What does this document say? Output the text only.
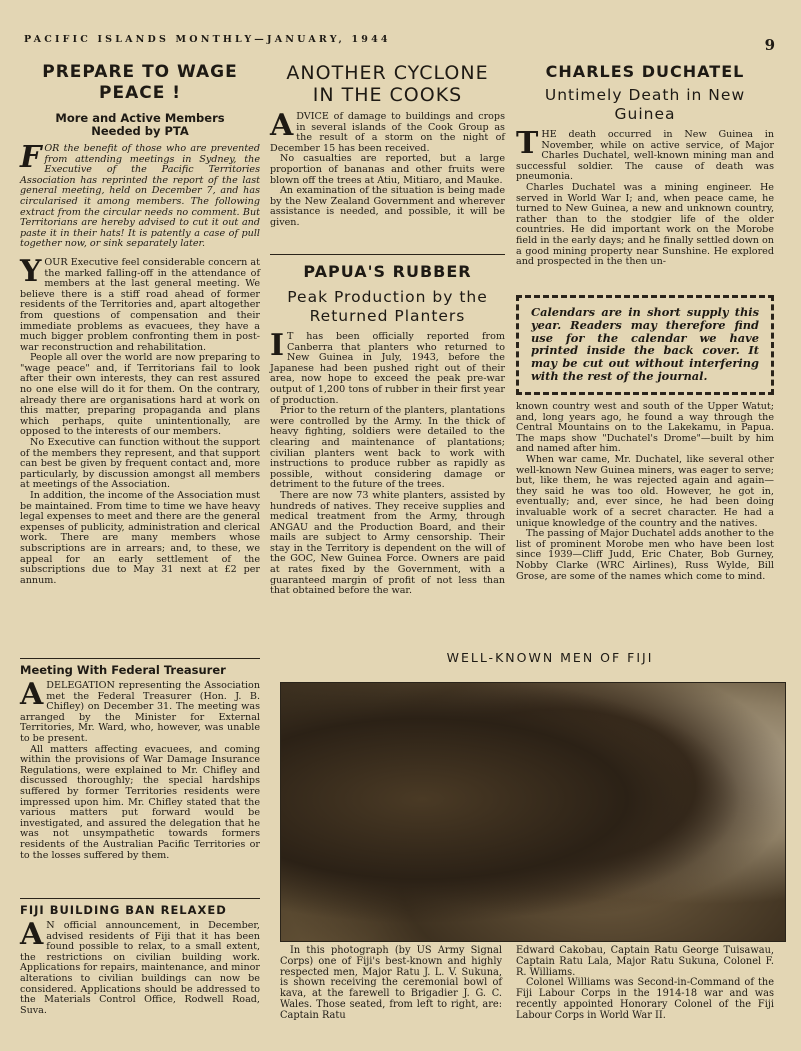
PACIFIC ISLANDS MONTHLY—JANUARY, 1944	9
PREPARE TO WAGE PEACE !
More and Active Members Needed by PTA

FOR the benefit of those who are prevented from attending meetings in Sydney, the Executive of the Pacific Territories Association has reprinted the report of the last general meeting, held on December 7, and has circularised it among members. The following extract from the circular needs no comment. But Territorians are hereby advised to cut it out and paste it in their hats! It is patently a case of pull together now, or sink separately later.

YOUR Executive feel considerable concern at the marked falling-off in the attendance of members at the last general meeting. We believe there is a stiff road ahead of former residents of the Territories and, apart altogether from questions of compensation and their immediate problems as evacuees, they have a much bigger problem confronting them in post-war reconstruction and rehabilitation.

People all over the world are now preparing to "wage peace" and, if Territorians fail to look after their own interests, they can rest assured no one else will do it for them. On the contrary, already there are organisations hard at work on this matter, preparing propaganda and plans which perhaps, quite unintentionally, are opposed to the interests of our members.

No Executive can function without the support of the members they represent, and that support can best be given by frequent contact and, more particularly, by discussion amongst all members at meetings of the Association.

In addition, the income of the Association must be maintained. From time to time we have heavy legal expenses to meet and there are the general expenses of publicity, administration and clerical work. There are many members whose subscriptions are in arrears; and, to these, we appeal for an early settlement of the subscriptions due to May 31 next at £2 per annum.

Meeting With Federal Treasurer

ADELEGATION representing the Association met the Federal Treasurer (Hon. J. B. Chifley) on December 31. The meeting was arranged by the Minister for External Territories, Mr. Ward, who, however, was unable to be present.

All matters affecting evacuees, and coming within the provisions of War Damage Insurance Regulations, were explained to Mr. Chifley and discussed thoroughly; the special hardships suffered by former Territories residents were impressed upon him. Mr. Chifley stated that the various matters put forward would be investigated, and assured the delegation that he was not unsympathetic towards formers residents of the Australian Pacific Territories or to the losses suffered by them.

FIJI BUILDING BAN RELAXED

A N official announcement, in December, advised residents of Fiji that it has been found possible to relax, to a small extent, the restrictions on civilian building work. Applications for repairs, maintenance, and minor alterations to civilian buildings can now be considered. Applications should be addressed to the Materials Control Office, Rodwell Road, Suva.

ANOTHER CYCLONE IN THE COOKS

ADVICE of damage to buildings and crops in several islands of the Cook Group as the result of a storm on the night of December 15 has been received.

No casualties are reported, but a large proportion of bananas and other fruits were blown off the trees at Atiu, Mitiaro, and Mauke.

An examination of the situation is being made by the New Zealand Government and wherever assistance is needed, and possible, it will be given.

PAPUA'S RUBBER
Peak Production by the Returned Planters

I T has been officially reported from Canberra that planters who returned to New Guinea in July, 1943, before the Japanese had been pushed right out of their area, now hope to exceed the peak pre-war output of 1,200 tons of rubber in their first year of production.

Prior to the return of the planters, plantations were controlled by the Army. In the thick of heavy fighting, soldiers were detailed to the clearing and maintenance of plantations; civilian planters went back to work with instructions to produce rubber as rapidly as possible, without considering damage or detriment to the future of the trees.

There are now 73 white planters, assisted by hundreds of natives. They receive supplies and medical treatment from the Army, through ANGAU and the Production Board, and their mails are subject to Army censorship. Their stay in the Territory is dependent on the will of the GOC, New Guinea Force. Owners are paid at rates fixed by the Government, with a guaranteed margin of profit of not less than that obtained before the war.

CHARLES DUCHATEL
Untimely Death in New Guinea

THE death occurred in New Guinea in November, while on active service, of Major Charles Duchatel, well-known mining man and successful soldier. The cause of death was pneumonia.

Charles Duchatel was a mining engineer. He served in World War I; and, when peace came, he turned to New Guinea, a new and unknown country, rather than to the stodgier life of the older countries. He did important work on the Morobe field in the early days; and he finally settled down on a good mining property near Sunshine. He explored and prospected in the then un-

Calendars are in short supply this year. Readers may therefore find use for the calendar we have printed inside the back cover. It may be cut out without interfering with the rest of the journal.

known country west and south of the Upper Watut; and, long years ago, he found a way through the Central Mountains on to the Lakekamu, in Papua. The maps show "Duchatel's Drome"—built by him and named after him.

When war came, Mr. Duchatel, like several other well-known New Guinea miners, was eager to serve; but, like them, he was rejected again and again—they said he was too old. However, he got in, eventually; and, ever since, he had been doing invaluable work of a secret character. He had a unique knowledge of the country and the natives.

The passing of Major Duchatel adds another to the list of prominent Morobe men who have been lost since 1939—Cliff Judd, Eric Chater, Bob Gurney, Nobby Clarke (WRC Airlines), Russ Wylde, Bill Grose, are some of the names which come to mind.

WELL-KNOWN MEN OF FIJI

In this photograph (by US Army Signal Corps) one of Fiji's best-known and highly respected men, Major Ratu J. L. V. Sukuna, is shown receiving the ceremonial bowl of kava, at the farewell to Brigadier J. G. C. Wales. Those seated, from left to right, are: Captain Ratu

Edward Cakobau, Captain Ratu George Tuisawau, Captain Ratu Lala, Major Ratu Sukuna, Colonel F. R. Williams.

Colonel Williams was Second-in-Command of the Fiji Labour Corps in the 1914-18 war and was recently appointed Honorary Colonel of the Fiji Labour Corps in World War II.
